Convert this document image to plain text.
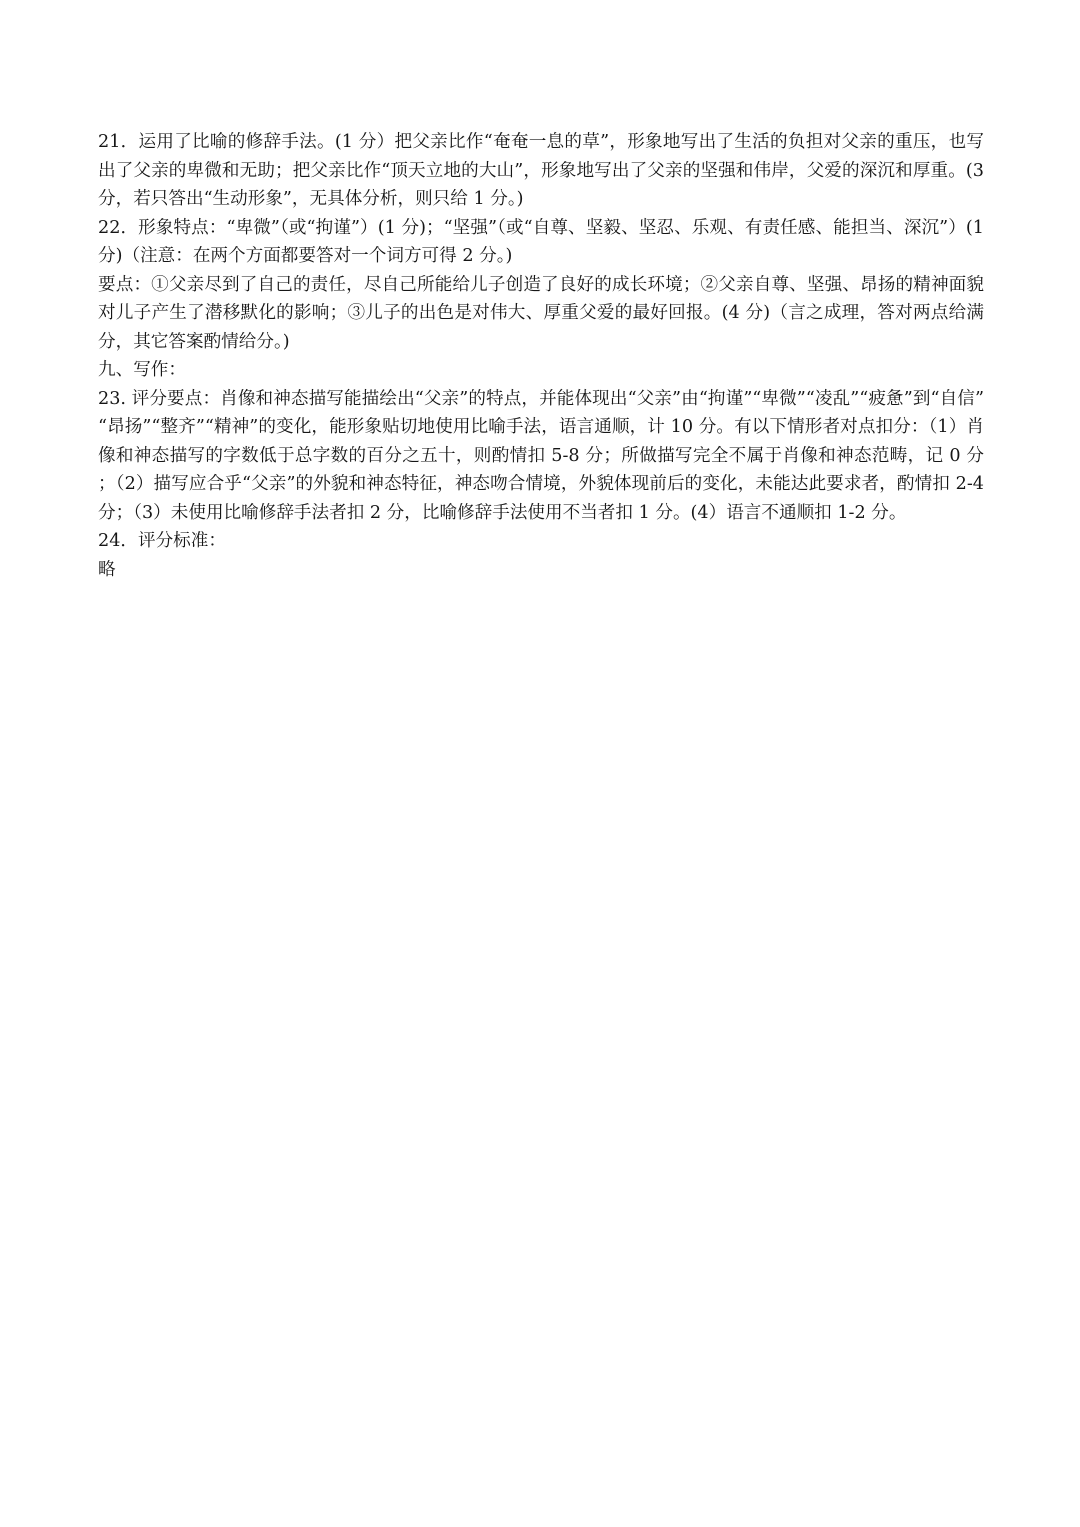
21．运用了比喻的修辞手法。(1 分）把父亲比作“奄奄一息的草”，形象地写出了生活的负担对父亲的重压，也写出了父亲的卑微和无助；把父亲比作“顶天立地的大山”，形象地写出了父亲的坚强和伟岸，父爱的深沉和厚重。(3 分，若只答出“生动形象”，无具体分析，则只给 1 分。)

22．形象特点：“卑微”（或“拘谨”）(1 分)；“坚强”（或“自尊、坚毅、坚忍、乐观、有责任感、能担当、深沉”）(1 分)（注意：在两个方面都要答对一个词方可得 2 分。)

要点：①父亲尽到了自己的责任，尽自己所能给儿子创造了良好的成长环境；②父亲自尊、坚强、昂扬的精神面貌对儿子产生了潜移默化的影响；③儿子的出色是对伟大、厚重父爱的最好回报。(4 分)（言之成理，答对两点给满分，其它答案酌情给分。)

九、写作：

23. 评分要点：肖像和神态描写能描绘出“父亲”的特点，并能体现出“父亲”由“拘谨”“卑微”“凌乱”“疲惫”到“自信”“昂扬”“整齐”“精神”的变化，能形象贴切地使用比喻手法，语言通顺，计 10 分。有以下情形者对点扣分：（1）肖像和神态描写的字数低于总字数的百分之五十，则酌情扣 5-8 分；所做描写完全不属于肖像和神态范畴，记 0 分；（2）描写应合乎“父亲”的外貌和神态特征，神态吻合情境，外貌体现前后的变化，未能达此要求者，酌情扣 2-4 分；（3）未使用比喻修辞手法者扣 2 分，比喻修辞手法使用不当者扣 1 分。(4）语言不通顺扣 1-2 分。

24．评分标准：

略
